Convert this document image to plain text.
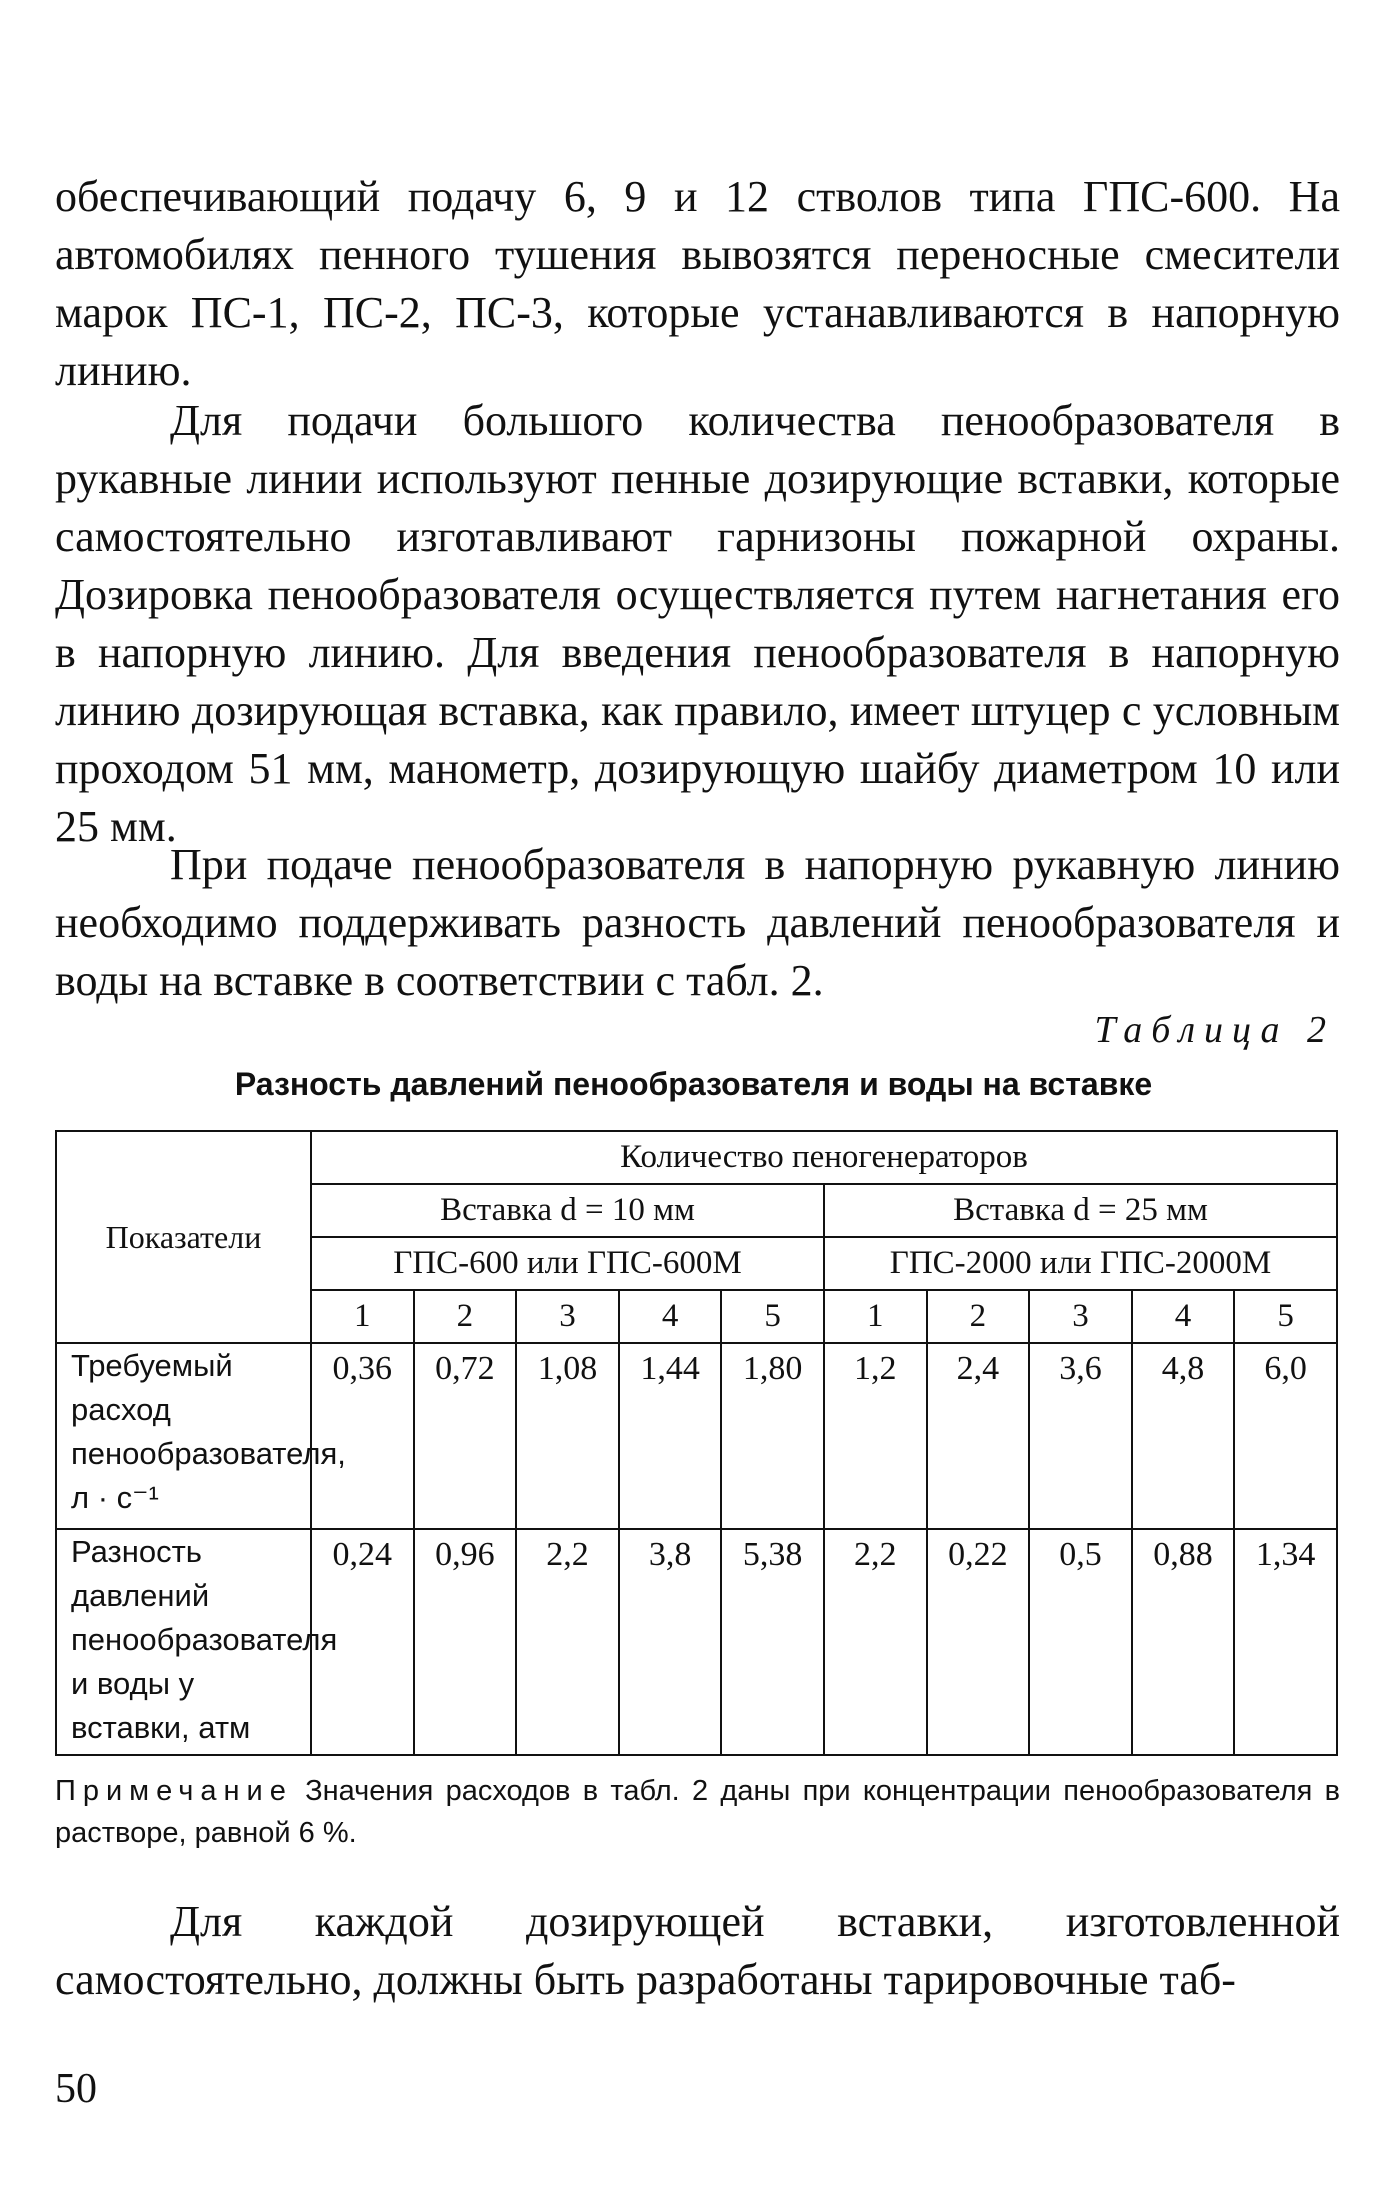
обеспечивающий подачу 6, 9 и 12 стволов типа ГПС-600. На автомобилях пенного тушения вывозятся переносные смесители марок ПС-1, ПС-2, ПС-3, которые устанавливаются в напорную линию.

Для подачи большого количества пенообразователя в рукавные линии используют пенные дозирующие вставки, которые самостоятельно изготавливают гарнизоны пожарной охраны. Дозировка пенообразователя осуществляется путем нагнетания его в напорную линию. Для введения пенообразователя в напорную линию дозирующая вставка, как правило, имеет штуцер с условным проходом 51 мм, манометр, дозирующую шайбу диаметром 10 или 25 мм.

При подаче пенообразователя в напорную рукавную линию необходимо поддерживать разность давлений пенообразователя и воды на вставке в соответствии с табл. 2.

Таблица 2
Разность давлений пенообразователя и воды на вставке
Показатели	Количество пеногенераторов									
	Вставка d = 10 мм					Вставка d = 25 мм				
	ГПС-600 или ГПС-600М					ГПС-2000 или ГПС-2000М				
	1	2	3	4	5	1	2	3	4	5
Требуемый расход пенообразователя, л · с⁻¹	0,36	0,72	1,08	1,44	1,80	1,2	2,4	3,6	4,8	6,0
Разность давлений пенообразователя и воды у вставки, атм	0,24	0,96	2,2	3,8	5,38	2,2	0,22	0,5	0,88	1,34

Примечание Значения расходов в табл. 2 даны при концентрации пенообразователя в растворе, равной 6 %.

Для каждой дозирующей вставки, изготовленной самостоятельно, должны быть разработаны тарировочные таб-

50
